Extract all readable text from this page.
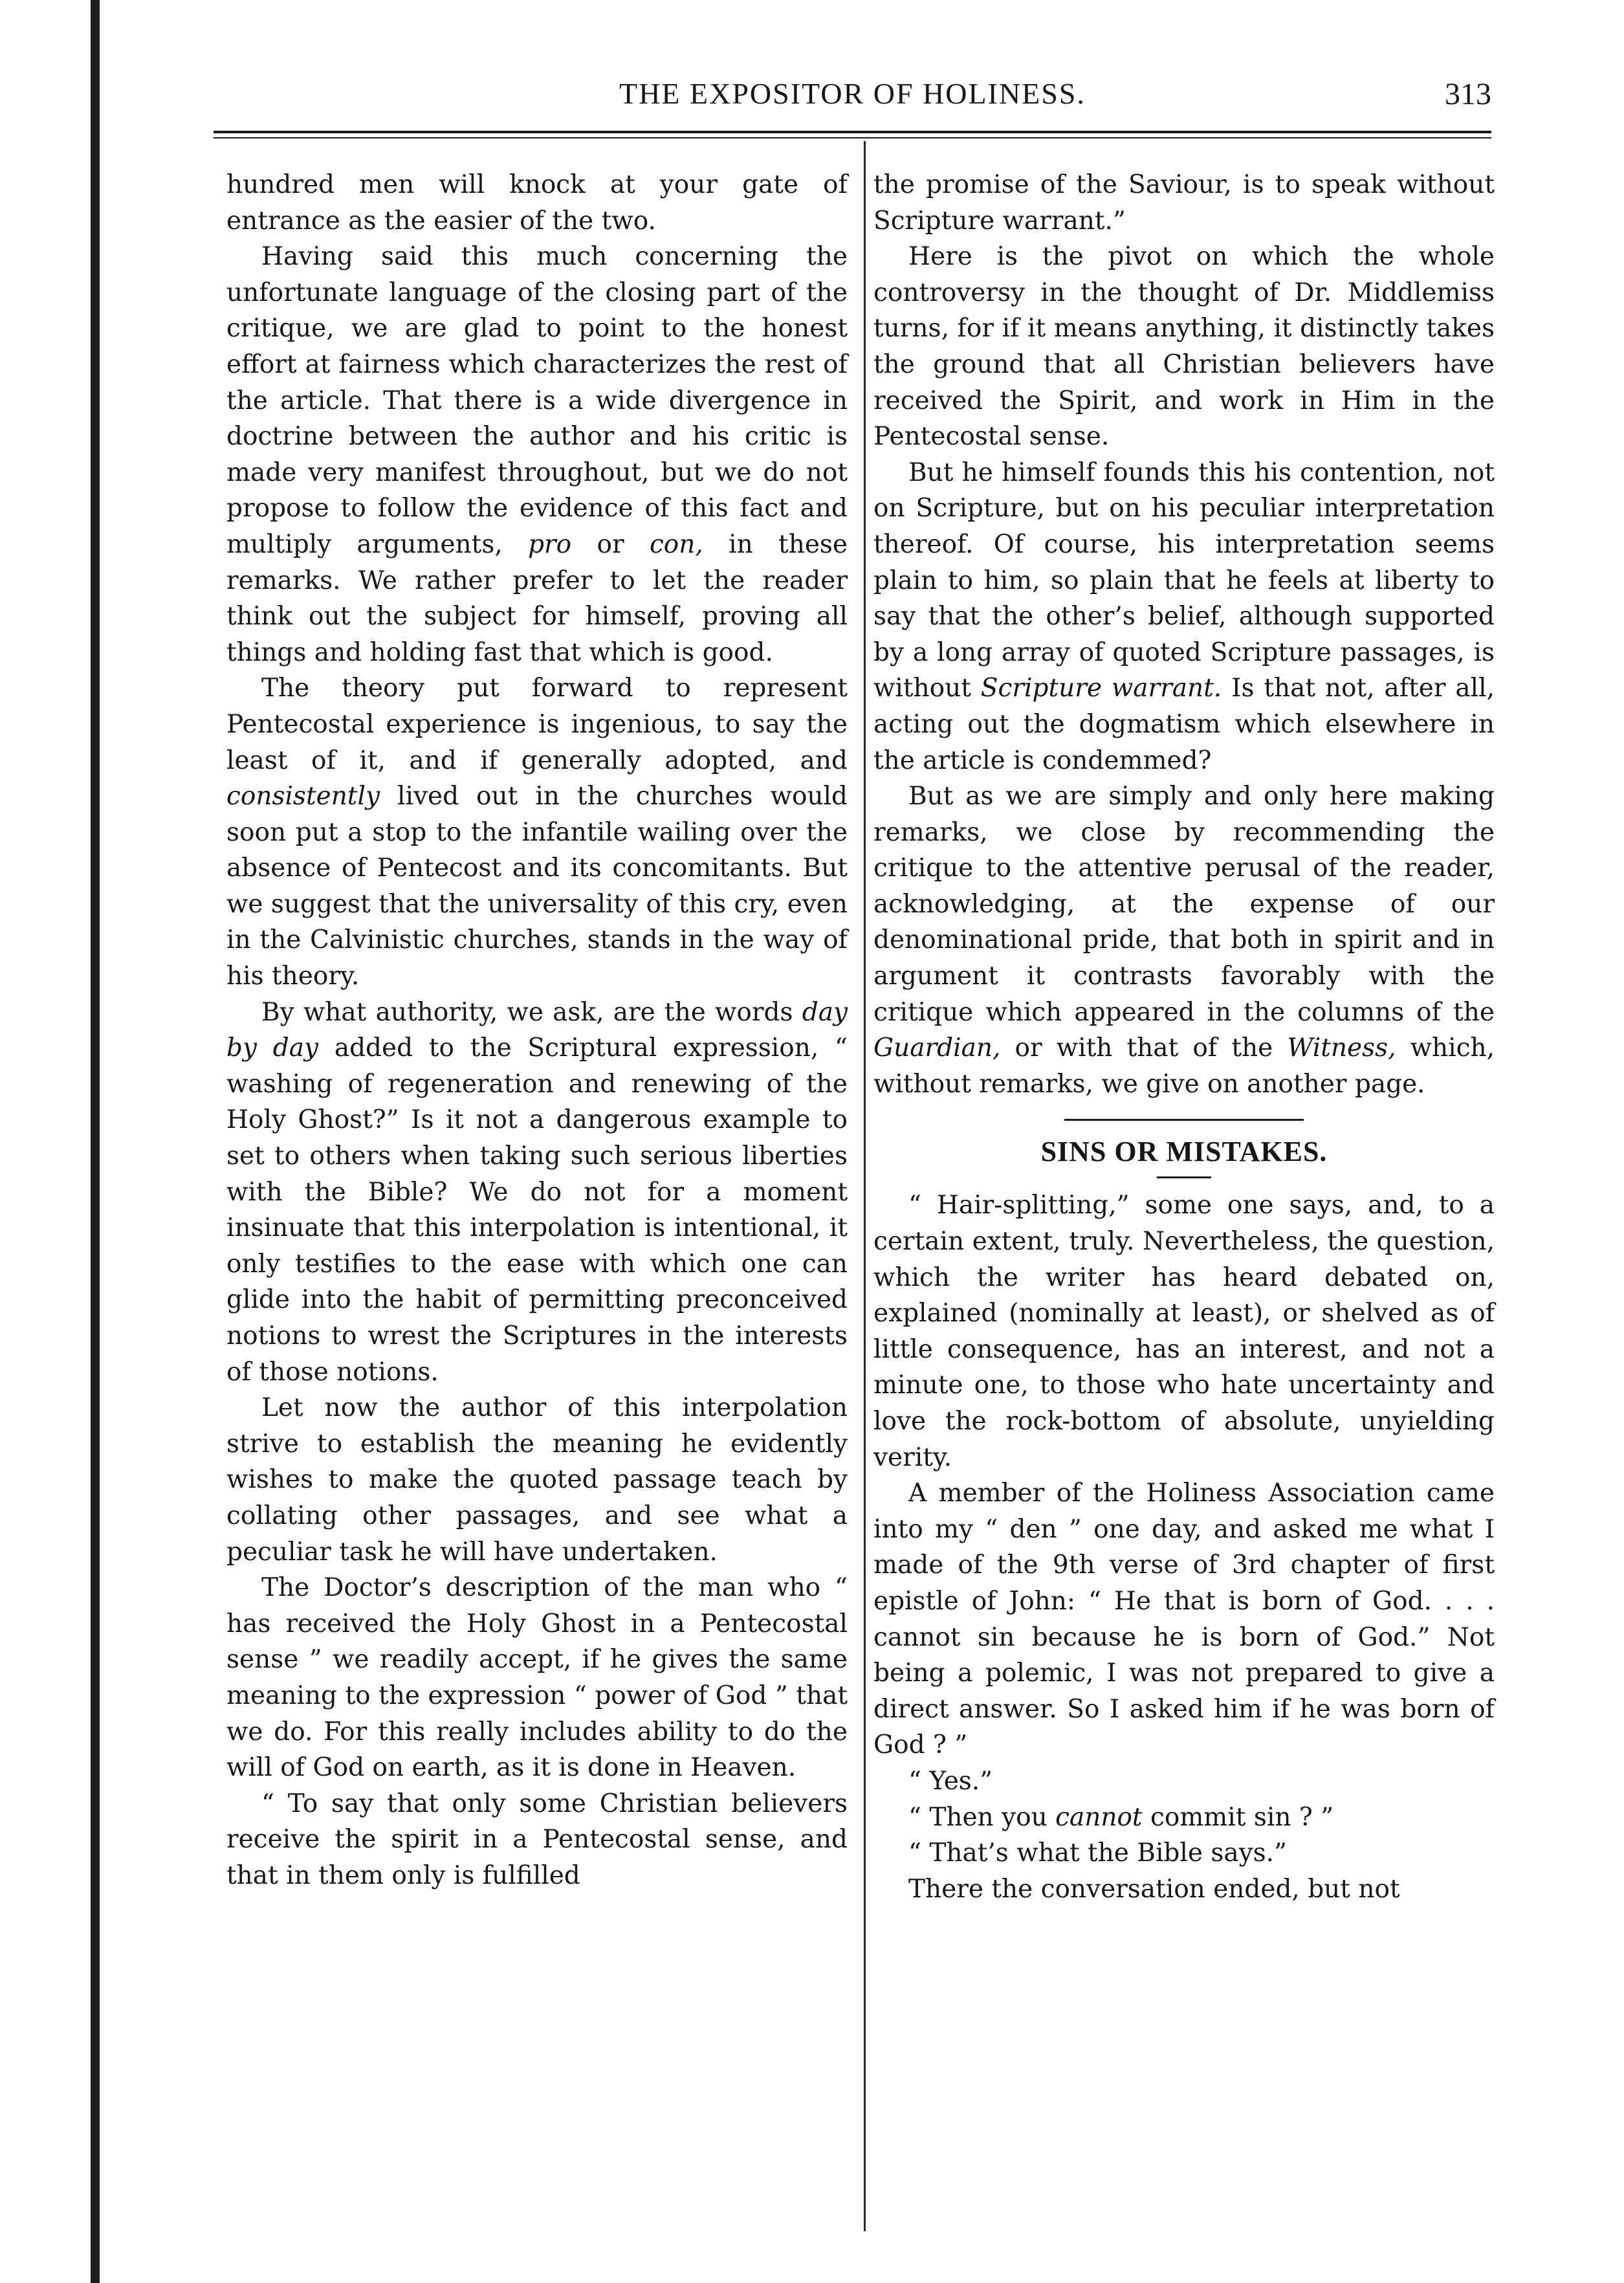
THE EXPOSITOR OF HOLINESS.	313

hundred men will knock at your gate of entrance as the easier of the two.

Having said this much concerning the unfortunate language of the closing part of the critique, we are glad to point to the honest effort at fairness which characterizes the rest of the article. That there is a wide divergence in doctrine between the author and his critic is made very manifest throughout, but we do not propose to follow the evidence of this fact and multiply arguments, pro or con, in these remarks. We rather prefer to let the reader think out the subject for himself, proving all things and holding fast that which is good.

The theory put forward to represent Pentecostal experience is ingenious, to say the least of it, and if generally adopted, and consistently lived out in the churches would soon put a stop to the infantile wailing over the absence of Pentecost and its concomitants. But we suggest that the universality of this cry, even in the Calvinistic churches, stands in the way of his theory.

By what authority, we ask, are the words day by day added to the Scriptural expression, “ washing of regeneration and renewing of the Holy Ghost?” Is it not a dangerous example to set to others when taking such serious liberties with the Bible? We do not for a moment insinuate that this interpolation is intentional, it only testifies to the ease with which one can glide into the habit of permitting preconceived notions to wrest the Scriptures in the interests of those notions.

Let now the author of this interpolation strive to establish the meaning he evidently wishes to make the quoted passage teach by collating other passages, and see what a peculiar task he will have undertaken.

The Doctor’s description of the man who “ has received the Holy Ghost in a Pentecostal sense ” we readily accept, if he gives the same meaning to the expression “ power of God ” that we do. For this really includes ability to do the will of God on earth, as it is done in Heaven.

“ To say that only some Christian believers receive the spirit in a Pentecostal sense, and that in them only is fulfilled

the promise of the Saviour, is to speak without Scripture warrant.”

Here is the pivot on which the whole controversy in the thought of Dr. Middlemiss turns, for if it means anything, it distinctly takes the ground that all Christian believers have received the Spirit, and work in Him in the Pentecostal sense.

But he himself founds this his contention, not on Scripture, but on his peculiar interpretation thereof. Of course, his interpretation seems plain to him, so plain that he feels at liberty to say that the other’s belief, although supported by a long array of quoted Scripture passages, is without Scripture warrant. Is that not, after all, acting out the dogmatism which elsewhere in the article is condemmed?

But as we are simply and only here making remarks, we close by recommending the critique to the attentive perusal of the reader, acknowledging, at the expense of our denominational pride, that both in spirit and in argument it contrasts favorably with the critique which appeared in the columns of the Guardian, or with that of the Witness, which, without remarks, we give on another page.

SINS OR MISTAKES.

“ Hair-splitting,” some one says, and, to a certain extent, truly. Nevertheless, the question, which the writer has heard debated on, explained (nominally at least), or shelved as of little consequence, has an interest, and not a minute one, to those who hate uncertainty and love the rock-bottom of absolute, unyielding verity.

A member of the Holiness Association came into my “ den ” one day, and asked me what I made of the 9th verse of 3rd chapter of first epistle of John: “ He that is born of God. . . . cannot sin because he is born of God.” Not being a polemic, I was not prepared to give a direct answer. So I asked him if he was born of God ? ”

“ Yes.”

“ Then you cannot commit sin ? ”

“ That’s what the Bible says.”

There the conversation ended, but not
